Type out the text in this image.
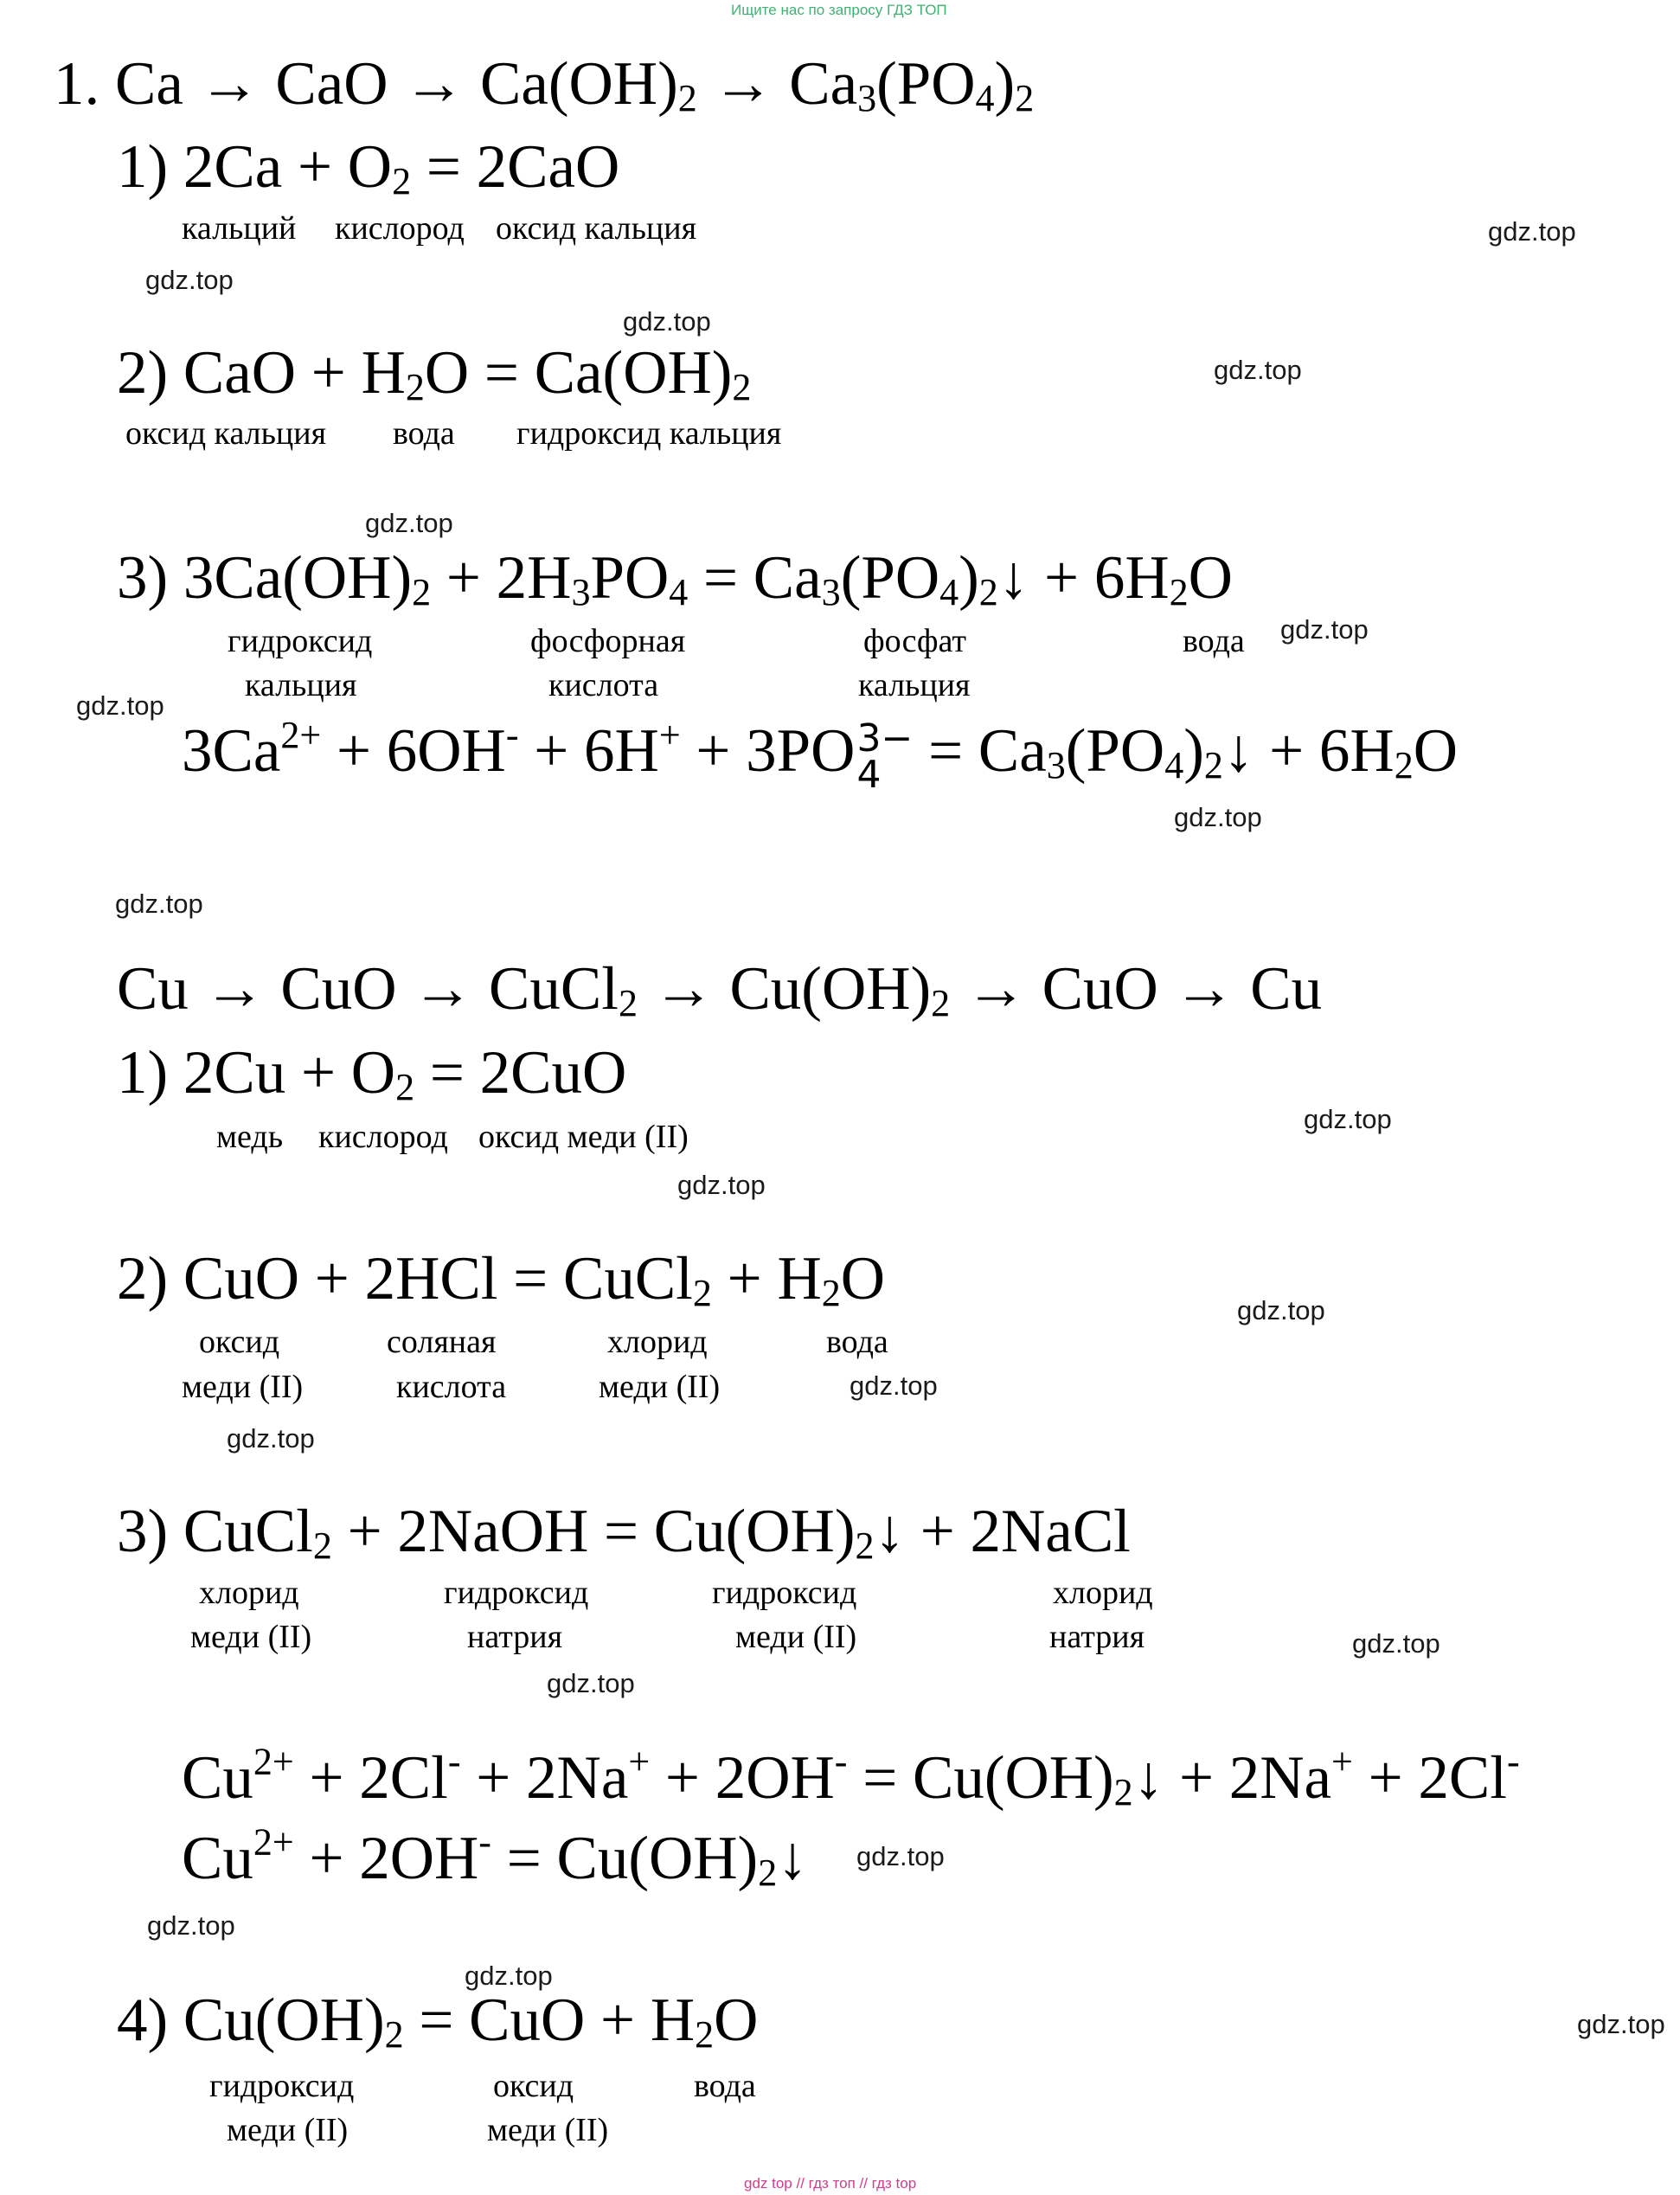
Ищите нас по запросу ГДЗ ТОП
1. Ca → CaO → $Ca(OH)_2 \to Ca_3(PO_4)_2$
1) $2Ca + O_2 = 2CaO$
кальций кислород оксид кальция
2) CaO + $H_2O = Ca(OH)_2$
оксид кальция вода гидроксид кальция
3) $3Ca(OH)_2 + 2H_3PO_4$ = $Ca_3(PO_4)_2↓ + 6H_2O$
гидроксид
кальция
фосфорная
кислота
фосфат
кальция
вода
$3Ca^{2+} + 6OH^- + 6H^+ + 3PO$ 3−
$4 = Ca_3(PO_4)_2↓ + 6H_2O$
Cu → CuO → CuCl$_2$ → $Cu(OH)_2$ → CuO → Cu
1) $2Cu + O_2 = 2CuO$
медь кислород оксид меди (II)
2) CuO + 2HCl = CuCl$_2$ + $H_2O$
оксид
меди (II)
соляная
кислота
хлорид
меди (II)
вода
3) CuCl$_2$ + 2NaOH = $Cu(OH)_2↓$ + 2NaCl
хлорид
меди (II)
гидроксид
натрия
гидроксид
меди (II)
хлорид
натрия
$Cu^{2+} + 2Cl^- + 2Na^+ + 2OH^-$ = $Cu(OH)_2↓ + 2Na^+ + 2Cl^-$
$Cu^{2+} + 2OH^-$ = $Cu(OH)_2↓$
4) $Cu(OH)_2$ = CuO + $H_2O$
гидроксид
меди (II)
оксид
меди (II)
вода
gdz.top
gdz.top
gdz.top
gdz.top
gdz.top
gdz.top
gdz.top
gdz.top
gdz.top
gdz.top
gdz.top
gdz.top
gdz.top
gdz.top
gdz.top
gdz.top
gdz.top
gdz.top
gdz.top
gdz.top
gdz top // гдз топ // гдз top
